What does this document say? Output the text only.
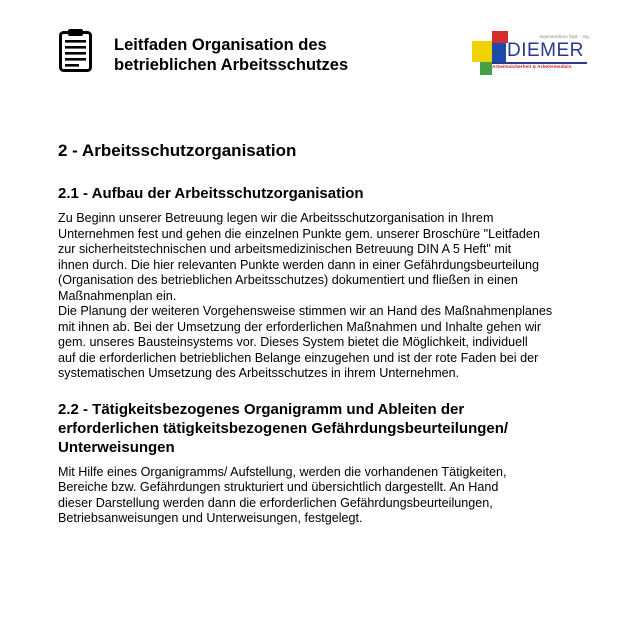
Leitfaden Organisation des
betrieblichen Arbeitsschutzes
Ingenieurbüro Dipl. - Ing.
DIEMER
Arbeitssicherheit & Arbeitsmedizin
2 - Arbeitsschutzorganisation
2.1 - Aufbau der Arbeitsschutzorganisation

Zu Beginn unserer Betreuung legen wir die Arbeitsschutzorganisation in Ihrem
Unternehmen fest und gehen die einzelnen Punkte gem. unserer Broschüre "Leitfaden
zur sicherheitstechnischen und arbeitsmedizinischen Betreuung DIN A 5 Heft" mit
ihnen durch. Die hier relevanten Punkte werden dann in einer Gefährdungsbeurteilung
(Organisation des betrieblichen Arbeitsschutzes) dokumentiert und fließen in einen
Maßnahmenplan ein.
Die Planung der weiteren Vorgehensweise stimmen wir an Hand des Maßnahmenplanes
mit ihnen ab. Bei der Umsetzung der erforderlichen Maßnahmen und Inhalte gehen wir
gem. unseres Bausteinsystems vor. Dieses System bietet die Möglichkeit, individuell
auf die erforderlichen betrieblichen Belange einzugehen und ist der rote Faden bei der
systematischen Umsetzung des Arbeitsschutzes in ihrem Unternehmen.

2.2 - Tätigkeitsbezogenes Organigramm und Ableiten der
erforderlichen tätigkeitsbezogenen Gefährdungsbeurteilungen/
Unterweisungen

Mit Hilfe eines Organigramms/ Aufstellung, werden die vorhandenen Tätigkeiten,
Bereiche bzw. Gefährdungen strukturiert und übersichtlich dargestellt. An Hand
dieser Darstellung werden dann die erforderlichen Gefährdungsbeurteilungen,
Betriebsanweisungen und Unterweisungen, festgelegt.
